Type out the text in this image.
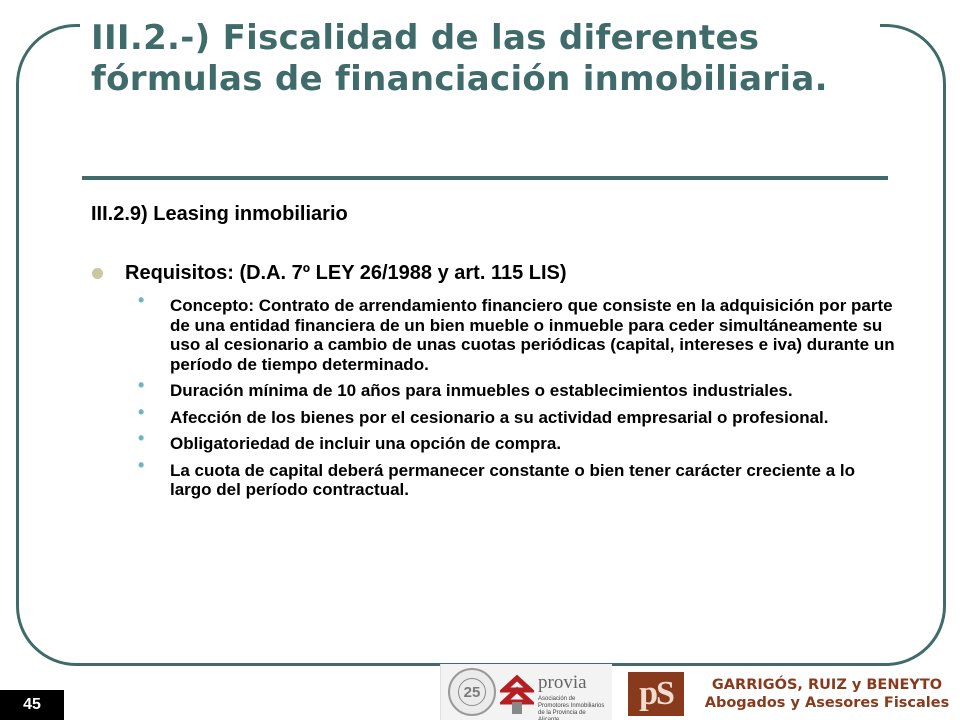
III.2.-) Fiscalidad de las diferentes
fórmulas de financiación inmobiliaria.
III.2.9) Leasing inmobiliario
Requisitos: (D.A. 7º LEY 26/1988 y art. 115 LIS)
• Concepto: Contrato de arrendamiento financiero que consiste en la adquisición por parte de una entidad financiera de un bien mueble o inmueble para ceder simultáneamente su uso al cesionario a cambio de unas cuotas periódicas (capital, intereses e iva) durante un período de tiempo determinado.
• Duración mínima de 10 años para inmuebles o establecimientos industriales.
• Afección de los bienes por el cesionario a su actividad empresarial o profesional.
• Obligatoriedad de incluir una opción de compra.
• La cuota de capital deberá permanecer constante o bien tener carácter creciente a lo largo del período contractual.
45
25	provia
Asociación de Promotores Inmobiliarios de la Provincia de Alicante
pS	GARRIGÓS, RUIZ y BENEYTO
Abogados y Asesores Fiscales
